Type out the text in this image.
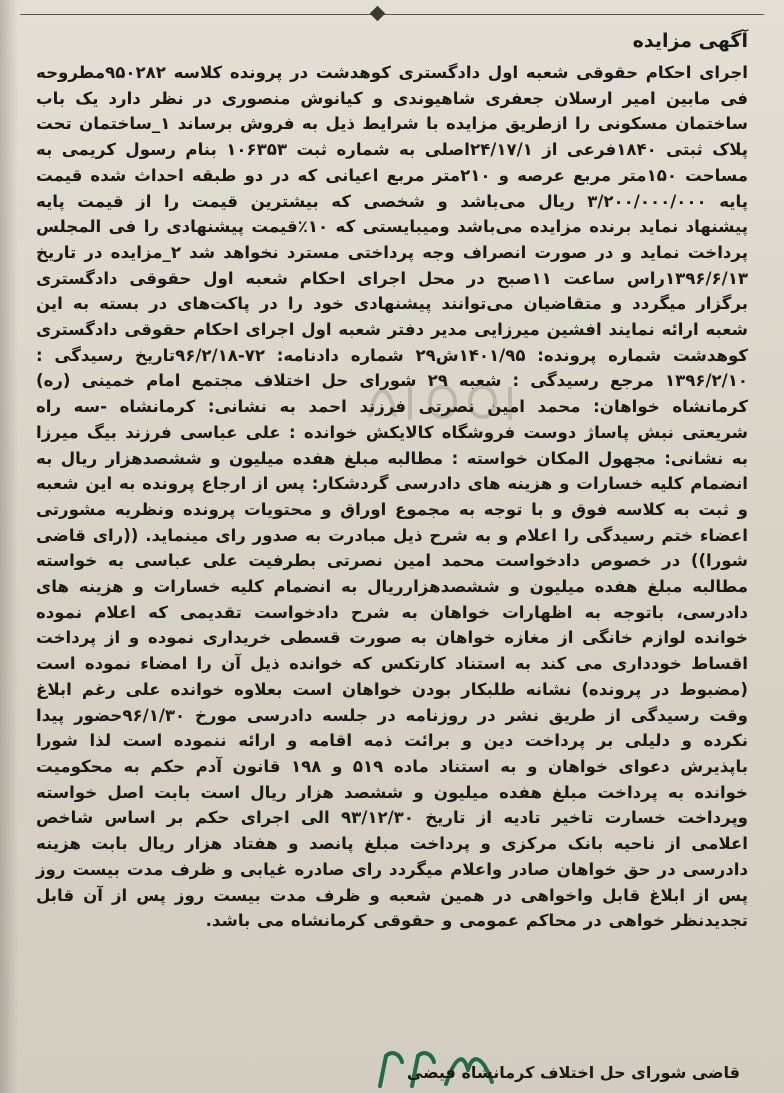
آگهی مزایده

اجرای احکام حقوقی شعبه اول دادگستری کوهدشت در پرونده کلاسه ۹۵۰۲۸۲مطروحه فی مابین امیر ارسلان جعفری شاهیوندی و کیانوش منصوری در نظر دارد یک باب ساختمان مسکونی را ازطریق مزایده با شرایط ذیل به فروش برساند ۱_ساختمان تحت پلاک ثبتی ۱۸۴۰فرعی از ۲۴/۱۷/۱اصلی به شماره ثبت ۱۰۶۳۵۳ بنام رسول کریمی به مساحت ۱۵۰متر مربع عرصه و ۲۱۰متر مربع اعیانی که در دو طبقه احداث شده قیمت پایه ۳/۲۰۰/۰۰۰/۰۰۰ ریال می‌باشد و شخصی که بیشترین قیمت را از قیمت پایه پیشنهاد نماید برنده مزایده می‌باشد ومیبایستی که ۱۰٪قیمت پیشنهادی را فی المجلس پرداخت نماید و در صورت انصراف وجه پرداختی مسترد نخواهد شد ۲_مزایده در تاریخ ۱۳۹۶/۶/۱۳راس ساعت ۱۱صبح در محل اجرای احکام شعبه اول حقوقی دادگستری برگزار میگردد و متقاضیان می‌توانند پیشنهادی خود را در پاکت‌های در بسته به این شعبه ارائه نمایند افشین میرزایی مدیر دفتر شعبه اول اجرای احکام حقوقی دادگستری کوهدشت شماره پرونده: ۱۴۰۱/۹۵ش۲۹ شماره دادنامه: ۷۲-۹۶/۲/۱۸تاریخ رسیدگی : ۱۳۹۶/۲/۱۰ مرجع رسیدگی : شعبه ۲۹ شورای حل اختلاف مجتمع امام خمینی (ره) کرمانشاه خواهان: محمد امین نصرتی فرزند احمد به نشانی: کرمانشاه -سه راه شریعتی نبش پاساژ دوست فروشگاه کالایکش خوانده : علی عباسی فرزند بیگ میرزا به نشانی: مجهول المکان خواسته : مطالبه مبلغ هفده میلیون و ششصدهزار ریال به انضمام کلیه خسارات و هزینه های دادرسی گردشکار: پس از ارجاع پرونده به این شعبه و ثبت به کلاسه فوق و با توجه به مجموع اوراق و محتویات پرونده ونظریه مشورتی اعضاء ختم رسیدگی را اعلام و به شرح ذیل مبادرت به صدور رای مینماید. ((رای قاضی شورا)) در خصوص دادخواست محمد امین نصرتی بطرفیت علی عباسی به خواسته مطالبه مبلغ هفده میلیون و ششصدهزارریال به انضمام کلیه خسارات و هزینه های دادرسی، باتوجه به اظهارات خواهان به شرح دادخواست تقدیمی که اعلام نموده خوانده لوازم خانگی از مغازه خواهان به صورت قسطی خریداری نموده و از پرداخت اقساط خودداری می کند به استناد کارتکس که خوانده ذیل آن را امضاء نموده است (مضبوط در پرونده) نشانه طلبکار بودن خواهان است بعلاوه خوانده علی رغم ابلاغ وقت رسیدگی از طریق نشر در روزنامه در جلسه دادرسی مورخ ۹۶/۱/۳۰حضور پیدا نکرده و دلیلی بر پرداخت دین و برائت ذمه اقامه و ارائه ننموده است لذا شورا باپذیرش دعوای خواهان و به استناد ماده ۵۱۹ و ۱۹۸ قانون آدم حکم به محکومیت خوانده به پرداخت مبلغ هفده میلیون و ششصد هزار ریال است بابت اصل خواسته وپرداخت خسارت تاخیر تادیه از تاریخ ۹۳/۱۲/۳۰ الی اجرای حکم بر اساس شاخص اعلامی از ناحیه بانک مرکزی و پرداخت مبلغ پانصد و هفتاد هزار ریال بابت هزینه دادرسی در حق خواهان صادر واعلام میگردد رای صادره غیابی و ظرف مدت بیست روز پس از ابلاغ قابل واخواهی در همین شعبه و ظرف مدت بیست روز پس از آن قابل تجدیدنظر خواهی در محاکم عمومی و حقوقی کرمانشاه می باشد.

قاضی شورای حل اختلاف کرمانشاه فیضی
